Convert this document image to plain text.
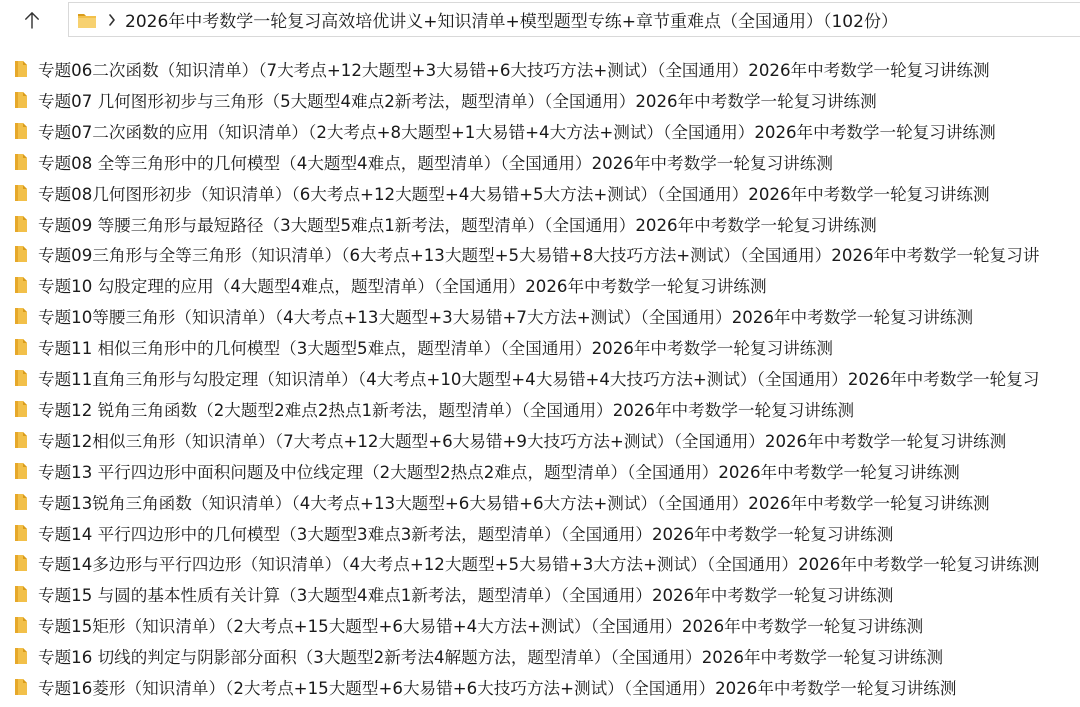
2026年中考数学一轮复习高效培优讲义+知识清单+模型题型专练+章节重难点（全国通用）（102份）
专题06二次函数（知识清单）（7大考点+12大题型+3大易错+6大技巧方法+测试）（全国通用）2026年中考数学一轮复习讲练测
专题07 几何图形初步与三角形（5大题型4难点2新考法，题型清单）（全国通用）2026年中考数学一轮复习讲练测
专题07二次函数的应用（知识清单）（2大考点+8大题型+1大易错+4大方法+测试）（全国通用）2026年中考数学一轮复习讲练测
专题08 全等三角形中的几何模型（4大题型4难点，题型清单）（全国通用）2026年中考数学一轮复习讲练测
专题08几何图形初步（知识清单）（6大考点+12大题型+4大易错+5大方法+测试）（全国通用）2026年中考数学一轮复习讲练测
专题09 等腰三角形与最短路径（3大题型5难点1新考法，题型清单）（全国通用）2026年中考数学一轮复习讲练测
专题09三角形与全等三角形（知识清单）（6大考点+13大题型+5大易错+8大技巧方法+测试）（全国通用）2026年中考数学一轮复习讲
专题10 勾股定理的应用（4大题型4难点，题型清单）（全国通用）2026年中考数学一轮复习讲练测
专题10等腰三角形（知识清单）（4大考点+13大题型+3大易错+7大方法+测试）（全国通用）2026年中考数学一轮复习讲练测
专题11 相似三角形中的几何模型（3大题型5难点，题型清单）（全国通用）2026年中考数学一轮复习讲练测
专题11直角三角形与勾股定理（知识清单）（4大考点+10大题型+4大易错+4大技巧方法+测试）（全国通用）2026年中考数学一轮复习
专题12 锐角三角函数（2大题型2难点2热点1新考法，题型清单）（全国通用）2026年中考数学一轮复习讲练测
专题12相似三角形（知识清单）（7大考点+12大题型+6大易错+9大技巧方法+测试）（全国通用）2026年中考数学一轮复习讲练测
专题13 平行四边形中面积问题及中位线定理（2大题型2热点2难点，题型清单）（全国通用）2026年中考数学一轮复习讲练测
专题13锐角三角函数（知识清单）（4大考点+13大题型+6大易错+6大方法+测试）（全国通用）2026年中考数学一轮复习讲练测
专题14 平行四边形中的几何模型（3大题型3难点3新考法，题型清单）（全国通用）2026年中考数学一轮复习讲练测
专题14多边形与平行四边形（知识清单）（4大考点+12大题型+5大易错+3大方法+测试）（全国通用）2026年中考数学一轮复习讲练测
专题15 与圆的基本性质有关计算（3大题型4难点1新考法，题型清单）（全国通用）2026年中考数学一轮复习讲练测
专题15矩形（知识清单）（2大考点+15大题型+6大易错+4大方法+测试）（全国通用）2026年中考数学一轮复习讲练测
专题16 切线的判定与阴影部分面积（3大题型2新考法4解题方法，题型清单）（全国通用）2026年中考数学一轮复习讲练测
专题16菱形（知识清单）（2大考点+15大题型+6大易错+6大技巧方法+测试）（全国通用）2026年中考数学一轮复习讲练测
